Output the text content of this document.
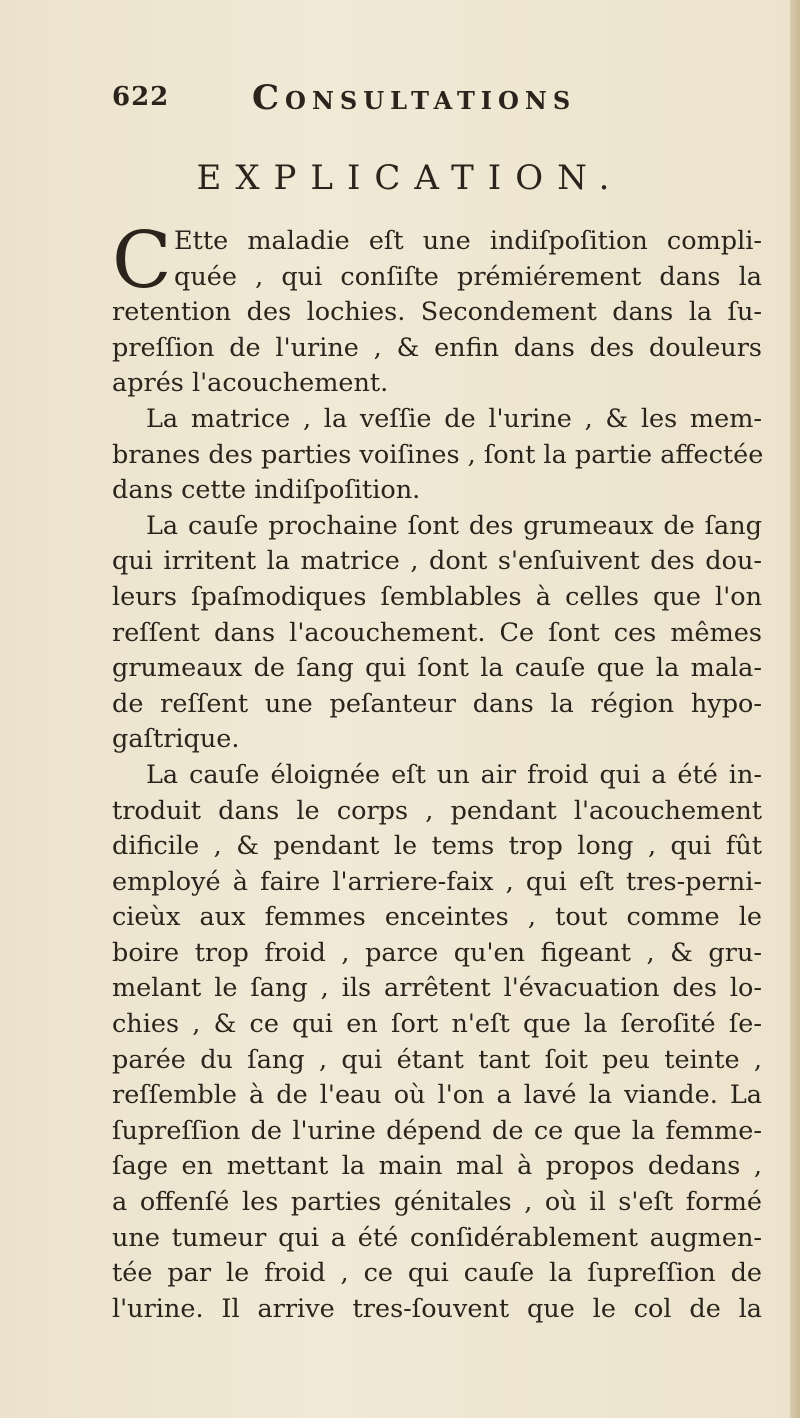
622 Consultations
EXPLICATION.
C Ette maladie eſt une indiſpoſition compli-
quée , qui conſiſte prémiérement dans la
retention des lochies. Secondement dans la ſu-
preſſion de l'urine , & enfin dans des douleurs
aprés l'acouchement.
La matrice , la veſſie de l'urine , & les mem-
branes des parties voiſines , ſont la partie affectée
dans cette indiſpoſition.
La cauſe prochaine ſont des grumeaux de ſang
qui irritent la matrice , dont s'enſuivent des dou-
leurs ſpaſmodiques ſemblables à celles que l'on
reſſent dans l'acouchement. Ce ſont ces mêmes
grumeaux de ſang qui ſont la cauſe que la mala-
de reſſent une peſanteur dans la région hypo-
gaſtrique.
La cauſe éloignée eſt un air froid qui a été in-
troduit dans le corps , pendant l'acouchement
dificile , & pendant le tems trop long , qui fût
employé à faire l'arriere-faix , qui eſt tres-perni-
cieùx aux femmes enceintes , tout comme le
boire trop froid , parce qu'en figeant , & gru-
melant le ſang , ils arrêtent l'évacuation des lo-
chies , & ce qui en ſort n'eſt que la ſeroſité ſe-
parée du ſang , qui étant tant ſoit peu teinte ,
reſſemble à de l'eau où l'on a lavé la viande. La
ſupreſſion de l'urine dépend de ce que la femme-
ſage en mettant la main mal à propos dedans ,
a offenſé les parties génitales , où il s'eſt formé
une tumeur qui a été conſidérablement augmen-
tée par le froid , ce qui cauſe la ſupreſſion de
l'urine. Il arrive tres-ſouvent que le col de la
